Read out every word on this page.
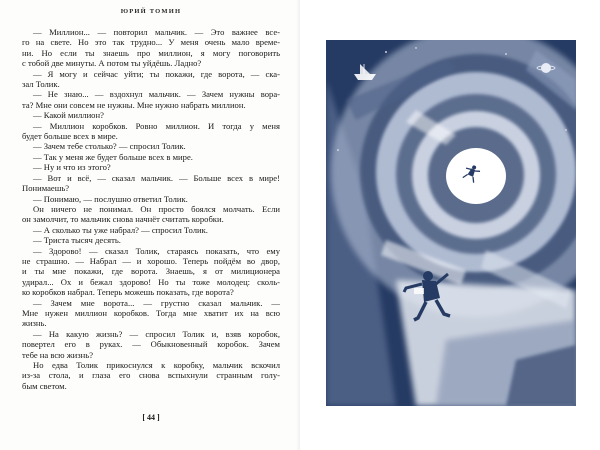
ЮРИЙ ТОМИН
— Миллион... — повторил мальчик. — Это важнее все-
го на свете. Но это так трудно... У меня очень мало време-
ни. Но если ты знаешь про миллион, я могу поговорить
с тобой две минуты. А потом ты уйдёшь. Ладно?
— Я могу и сейчас уйти; ты покажи, где ворота, — ска-
зал Толик.
— Не знаю... — вздохнул мальчик. — Зачем нужны вора-
та? Мне они совсем не нужны. Мне нужно набрать миллион.
— Какой миллион?
— Миллион коробков. Ровно миллион. И тогда у меня
будет больше всех в мире.
— Зачем тебе столько? — спросил Толик.
— Так у меня же будет больше всех в мире.
— Ну и что из этого?
— Вот и всё, — сказал мальчик. — Больше всех в мире!
Понимаешь?
— Понимаю, — послушно ответил Толик.
Он ничего не понимал. Он просто боялся молчать. Если
он замолчит, то мальчик снова начнёт считать коробки.
— А сколько ты уже набрал? — спросил Толик.
— Триста тысяч десять.
— Здорово! — сказал Толик, стараясь показать, что ему
не страшно. — Набрал — и хорошо. Теперь пойдём во двор,
и ты мне покажи, где ворота. Знаешь, я от милиционера
удирал... Ох и бежал здорово! Но ты тоже молодец: сколь-
ко коробков набрал. Теперь можешь показать, где ворота?
— Зачем мне ворота... — грустно сказал мальчик. —
Мне нужен миллион коробков. Тогда мне хватит их на всю
жизнь.
— На какую жизнь? — спросил Толик и, взяв коробок,
повертел его в руках. — Обыкновенный коробок. Зачем
тебе на всю жизнь?
Но едва Толик прикоснулся к коробку, мальчик вскочил
из-за стола, и глаза его снова вспыхнули странным голу-
бым светом.
[ 44 ]
